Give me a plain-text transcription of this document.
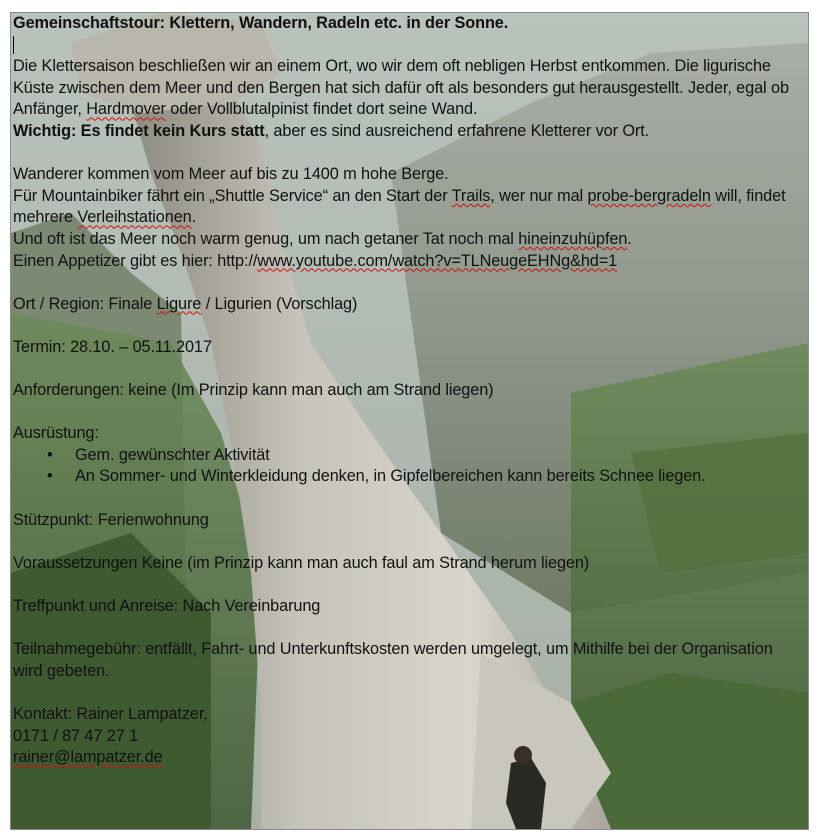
Gemeinschaftstour: Klettern, Wandern, Radeln etc. in der Sonne.

Die Klettersaison beschließen wir an einem Ort, wo wir dem oft nebligen Herbst entkommen. Die ligurische Küste zwischen dem Meer und den Bergen hat sich dafür oft als besonders gut herausgestellt. Jeder, egal ob Anfänger, Hardmover oder Vollblutalpinist findet dort seine Wand.

Wichtig: Es findet kein Kurs statt, aber es sind ausreichend erfahrene Kletterer vor Ort.

Wanderer kommen vom Meer auf bis zu 1400 m hohe Berge.

Für Mountainbiker fährt ein „Shuttle Service“ an den Start der Trails, wer nur mal probe-bergradeln will, findet mehrere Verleihstationen.

Und oft ist das Meer noch warm genug, um nach getaner Tat noch mal hineinzuhüpfen.

Einen Appetizer gibt es hier: http://www.youtube.com/watch?v=TLNeugeEHNg&hd=1

Ort / Region: Finale Ligure / Ligurien (Vorschlag)

Termin: 28.10. – 05.11.2017

Anforderungen: keine (Im Prinzip kann man auch am Strand liegen)

Ausrüstung:

• Gem. gewünschter Aktivität
• An Sommer- und Winterkleidung denken, in Gipfelbereichen kann bereits Schnee liegen.

Stützpunkt: Ferienwohnung

Voraussetzungen Keine (im Prinzip kann man auch faul am Strand herum liegen)

Treffpunkt und Anreise: Nach Vereinbarung

Teilnahmegebühr: entfällt, Fahrt- und Unterkunftskosten werden umgelegt, um Mithilfe bei der Organisation wird gebeten.

Kontakt: Rainer Lampatzer,

0171 / 87 47 27 1

rainer@lampatzer.de
